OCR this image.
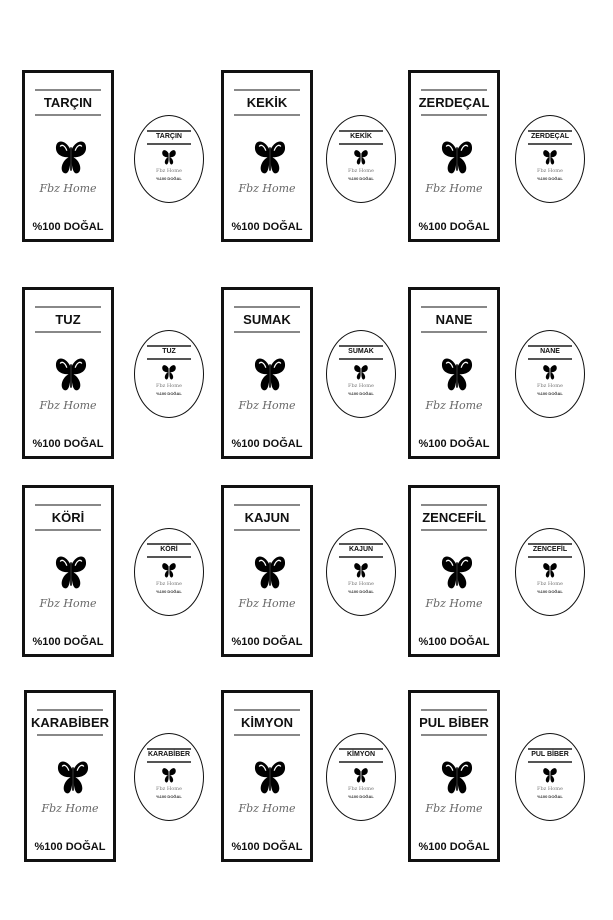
TARÇIN
Fbz Home
%100 DOĞAL
TARÇIN
Fbz Home
%100 DOĞAL
KEKİK
Fbz Home
%100 DOĞAL
KEKİK
Fbz Home
%100 DOĞAL
ZERDEÇAL
Fbz Home
%100 DOĞAL
ZERDEÇAL
Fbz Home
%100 DOĞAL
TUZ
Fbz Home
%100 DOĞAL
TUZ
Fbz Home
%100 DOĞAL
SUMAK
Fbz Home
%100 DOĞAL
SUMAK
Fbz Home
%100 DOĞAL
NANE
Fbz Home
%100 DOĞAL
NANE
Fbz Home
%100 DOĞAL
KÖRİ
Fbz Home
%100 DOĞAL
KÖRİ
Fbz Home
%100 DOĞAL
KAJUN
Fbz Home
%100 DOĞAL
KAJUN
Fbz Home
%100 DOĞAL
ZENCEFİL
Fbz Home
%100 DOĞAL
ZENCEFİL
Fbz Home
%100 DOĞAL
KARABİBER
Fbz Home
%100 DOĞAL
KARABİBER
Fbz Home
%100 DOĞAL
KİMYON
Fbz Home
%100 DOĞAL
KİMYON
Fbz Home
%100 DOĞAL
PUL BİBER
Fbz Home
%100 DOĞAL
PUL BİBER
Fbz Home
%100 DOĞAL
